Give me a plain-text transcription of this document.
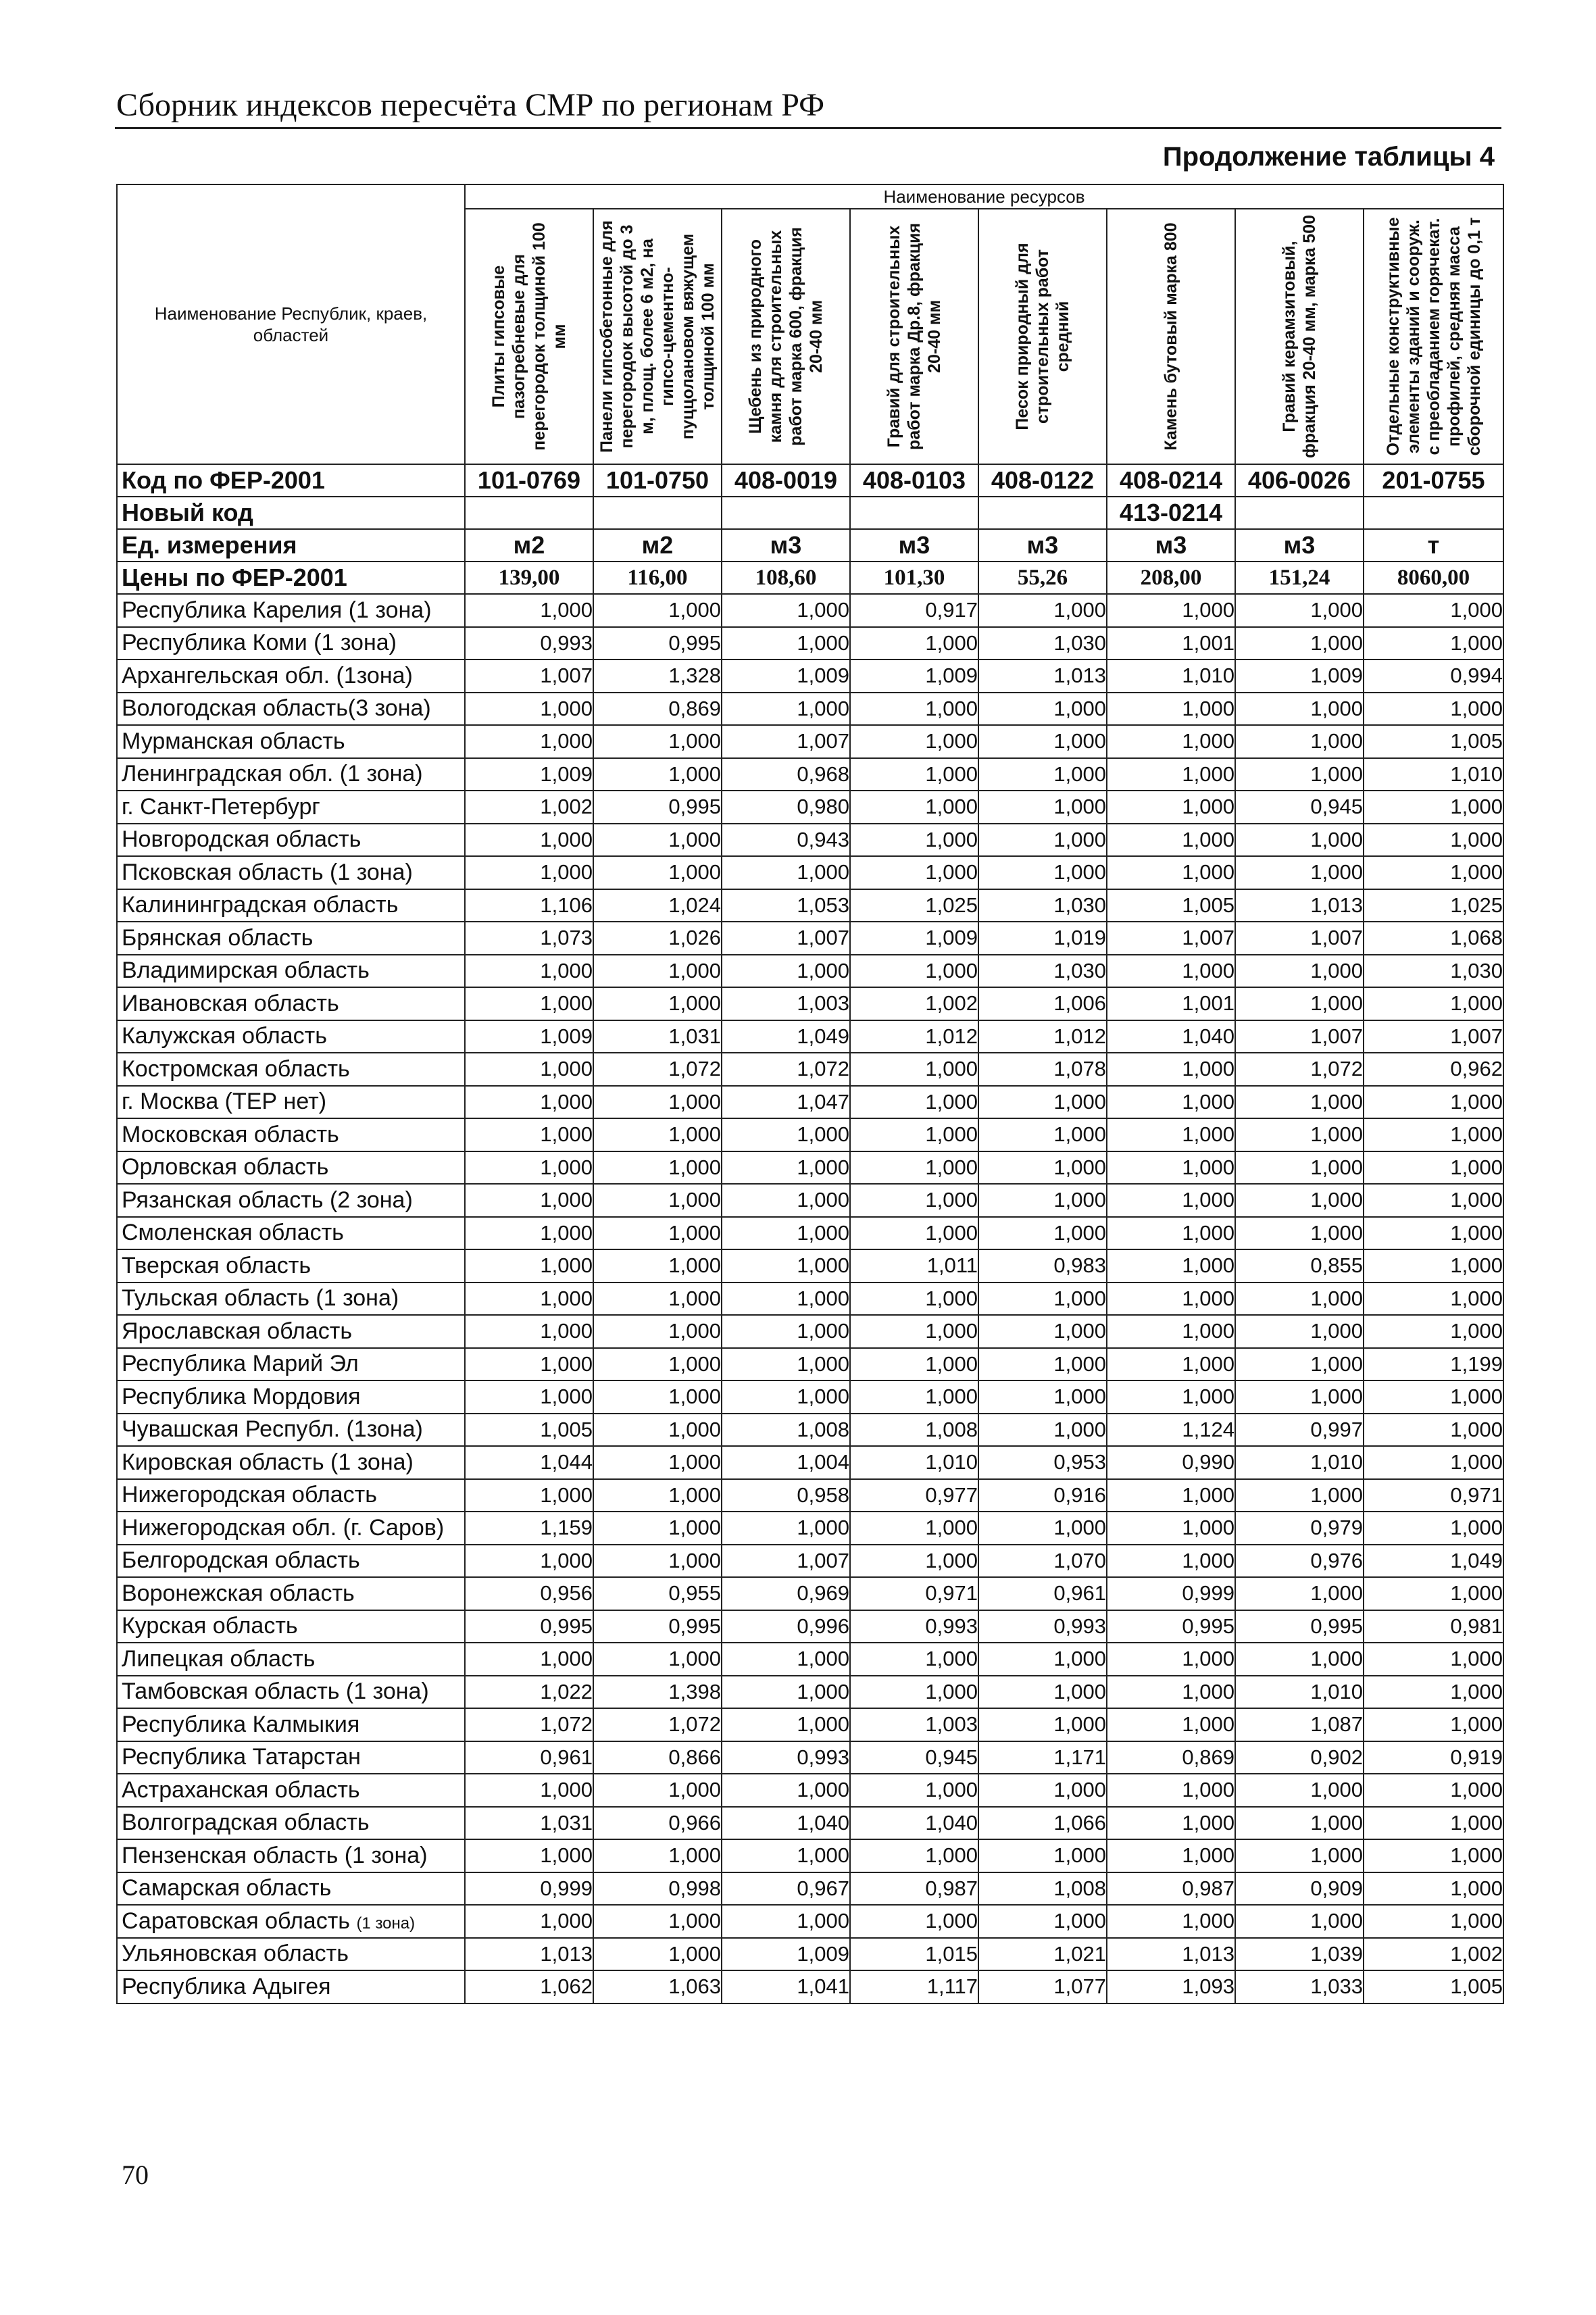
Сборник индексов пересчёта СМР по регионам РФ
Продолжение таблицы 4
Наименование Республик, краев, областей	Наименование ресурсов							

	Плиты гипсовые пазогребневые для перегородок толщиной 100 мм	Панели гипсобетонные для перегородок высотой до 3 м, площ. более 6 м2, на гипсо-цементно-пуццолановом вяжущем толщиной 100 мм	Щебень из природного камня для строительных работ марка 600, фракция 20-40 мм	Гравий для строительных работ марка Др.8, фракция 20-40 мм	Песок природный для строительных работ средний	Камень бутовый марка 800	Гравий керамзитовый, фракция 20-40 мм, марка 500	Отдельные конструктивные элементы зданий и сооруж. с преобладанием горячекат. профилей, средняя масса сборочной единицы до 0,1 т

Код по ФЕР-2001	101-0769	101-0750	408-0019	408-0103	408-0122	408-0214	406-0026	201-0755
Новый код						413-0214		
Ед. измерения	м2	м2	м3	м3	м3	м3	м3	т
Цены по ФЕР-2001	139,00	116,00	108,60	101,30	55,26	208,00	151,24	8060,00
Республика Карелия (1 зона)	1,000	1,000	1,000	0,917	1,000	1,000	1,000	1,000
Республика Коми (1 зона)	0,993	0,995	1,000	1,000	1,030	1,001	1,000	1,000
Архангельская обл. (1зона)	1,007	1,328	1,009	1,009	1,013	1,010	1,009	0,994
Вологодская область(3 зона)	1,000	0,869	1,000	1,000	1,000	1,000	1,000	1,000
Мурманская область	1,000	1,000	1,007	1,000	1,000	1,000	1,000	1,005
Ленинградская обл. (1 зона)	1,009	1,000	0,968	1,000	1,000	1,000	1,000	1,010
г. Санкт-Петербург	1,002	0,995	0,980	1,000	1,000	1,000	0,945	1,000
Новгородская область	1,000	1,000	0,943	1,000	1,000	1,000	1,000	1,000
Псковская область (1 зона)	1,000	1,000	1,000	1,000	1,000	1,000	1,000	1,000
Калининградская область	1,106	1,024	1,053	1,025	1,030	1,005	1,013	1,025
Брянская область	1,073	1,026	1,007	1,009	1,019	1,007	1,007	1,068
Владимирская область	1,000	1,000	1,000	1,000	1,030	1,000	1,000	1,030
Ивановская область	1,000	1,000	1,003	1,002	1,006	1,001	1,000	1,000
Калужская область	1,009	1,031	1,049	1,012	1,012	1,040	1,007	1,007
Костромская область	1,000	1,072	1,072	1,000	1,078	1,000	1,072	0,962
г. Москва (ТЕР нет)	1,000	1,000	1,047	1,000	1,000	1,000	1,000	1,000
Московская область	1,000	1,000	1,000	1,000	1,000	1,000	1,000	1,000
Орловская область	1,000	1,000	1,000	1,000	1,000	1,000	1,000	1,000
Рязанская область (2 зона)	1,000	1,000	1,000	1,000	1,000	1,000	1,000	1,000
Смоленская область	1,000	1,000	1,000	1,000	1,000	1,000	1,000	1,000
Тверская область	1,000	1,000	1,000	1,011	0,983	1,000	0,855	1,000
Тульская область (1 зона)	1,000	1,000	1,000	1,000	1,000	1,000	1,000	1,000
Ярославская область	1,000	1,000	1,000	1,000	1,000	1,000	1,000	1,000
Республика Марий Эл	1,000	1,000	1,000	1,000	1,000	1,000	1,000	1,199
Республика Мордовия	1,000	1,000	1,000	1,000	1,000	1,000	1,000	1,000
Чувашская Республ. (1зона)	1,005	1,000	1,008	1,008	1,000	1,124	0,997	1,000
Кировская область (1 зона)	1,044	1,000	1,004	1,010	0,953	0,990	1,010	1,000
Нижегородская область	1,000	1,000	0,958	0,977	0,916	1,000	1,000	0,971
Нижегородская обл. (г. Саров)	1,159	1,000	1,000	1,000	1,000	1,000	0,979	1,000
Белгородская область	1,000	1,000	1,007	1,000	1,070	1,000	0,976	1,049
Воронежская область	0,956	0,955	0,969	0,971	0,961	0,999	1,000	1,000
Курская область	0,995	0,995	0,996	0,993	0,993	0,995	0,995	0,981
Липецкая область	1,000	1,000	1,000	1,000	1,000	1,000	1,000	1,000
Тамбовская область (1 зона)	1,022	1,398	1,000	1,000	1,000	1,000	1,010	1,000
Республика Калмыкия	1,072	1,072	1,000	1,003	1,000	1,000	1,087	1,000
Республика Татарстан	0,961	0,866	0,993	0,945	1,171	0,869	0,902	0,919
Астраханская область	1,000	1,000	1,000	1,000	1,000	1,000	1,000	1,000
Волгоградская область	1,031	0,966	1,040	1,040	1,066	1,000	1,000	1,000
Пензенская область (1 зона)	1,000	1,000	1,000	1,000	1,000	1,000	1,000	1,000
Самарская область	0,999	0,998	0,967	0,987	1,008	0,987	0,909	1,000
Саратовская область (1 зона)	1,000	1,000	1,000	1,000	1,000	1,000	1,000	1,000
Ульяновская область	1,013	1,000	1,009	1,015	1,021	1,013	1,039	1,002
Республика Адыгея	1,062	1,063	1,041	1,117	1,077	1,093	1,033	1,005
70
